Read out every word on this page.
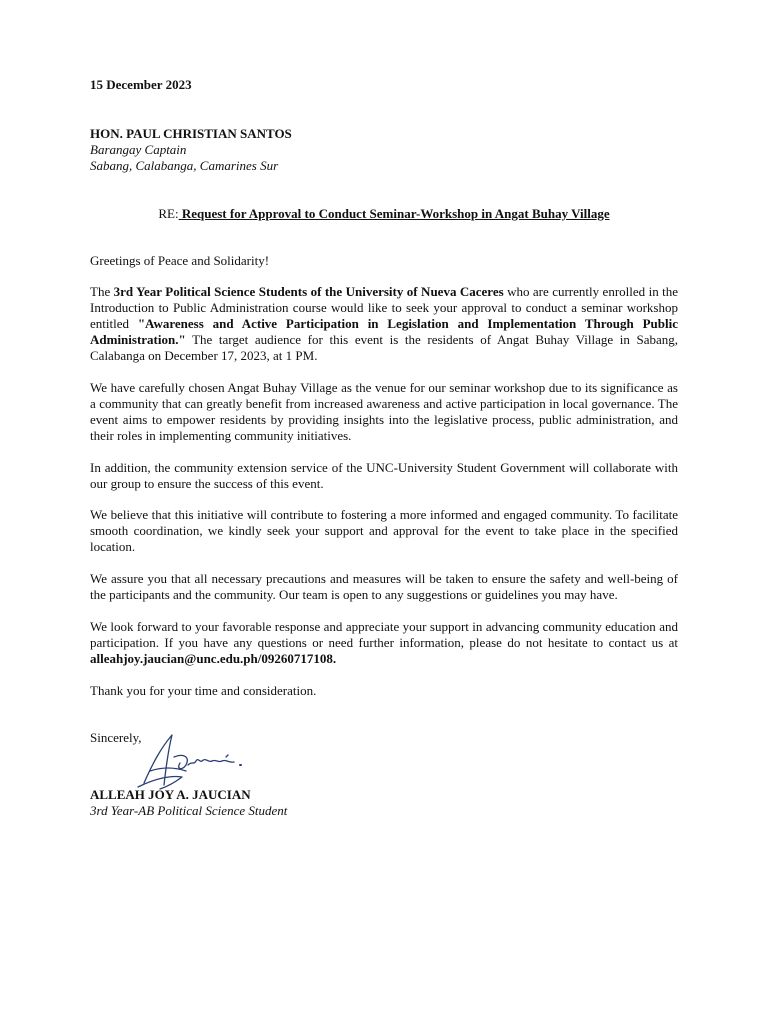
15 December 2023
HON. PAUL CHRISTIAN SANTOS
Barangay Captain
Sabang, Calabanga, Camarines Sur
RE: Request for Approval to Conduct Seminar-Workshop in Angat Buhay Village
Greetings of Peace and Solidarity!

The 3rd Year Political Science Students of the University of Nueva Caceres who are currently enrolled in the Introduction to Public Administration course would like to seek your approval to conduct a seminar workshop entitled "Awareness and Active Participation in Legislation and Implementation Through Public Administration." The target audience for this event is the residents of Angat Buhay Village in Sabang, Calabanga on December 17, 2023, at 1 PM.

We have carefully chosen Angat Buhay Village as the venue for our seminar workshop due to its significance as a community that can greatly benefit from increased awareness and active participation in local governance. The event aims to empower residents by providing insights into the legislative process, public administration, and their roles in implementing community initiatives.

In addition, the community extension service of the UNC-University Student Government will collaborate with our group to ensure the success of this event.

We believe that this initiative will contribute to fostering a more informed and engaged community. To facilitate smooth coordination, we kindly seek your support and approval for the event to take place in the specified location.

We assure you that all necessary precautions and measures will be taken to ensure the safety and well-being of the participants and the community. Our team is open to any suggestions or guidelines you may have.

We look forward to your favorable response and appreciate your support in advancing community education and participation. If you have any questions or need further information, please do not hesitate to contact us at alleahjoy.jaucian@unc.edu.ph/09260717108.

Thank you for your time and consideration.

Sincerely,
ALLEAH JOY A. JAUCIAN
3rd Year-AB Political Science Student
